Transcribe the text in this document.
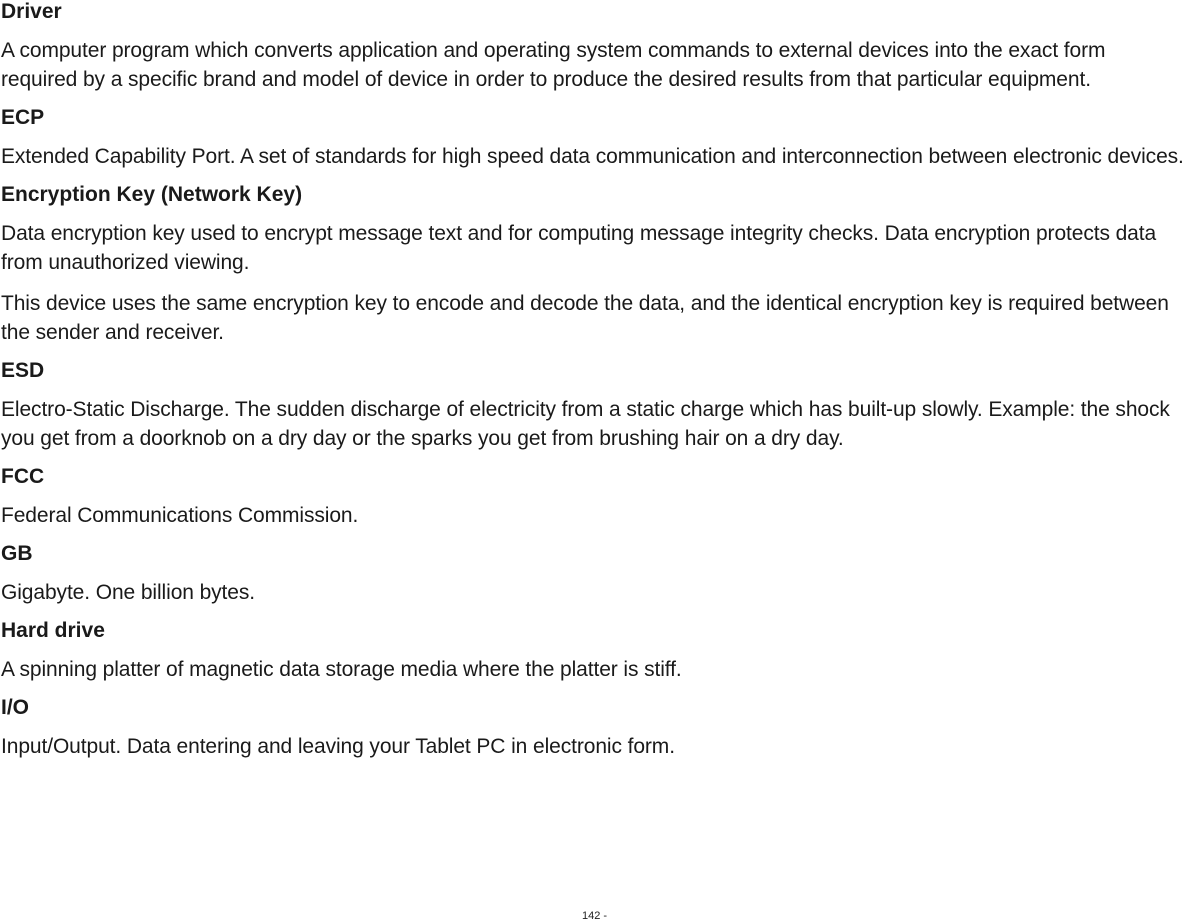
Driver

A computer program which converts application and operating system commands to external devices into the exact form required by a specific brand and model of device in order to produce the desired results from that particular equipment.

ECP

Extended Capability Port. A set of standards for high speed data communication and interconnection between electronic devices.

Encryption Key (Network Key)

Data encryption key used to encrypt message text and for computing message integrity checks. Data encryption protects data from unauthorized viewing.

This device uses the same encryption key to encode and decode the data, and the identical encryption key is required between the sender and receiver.

ESD

Electro-Static Discharge. The sudden discharge of electricity from a static charge which has built-up slowly. Example: the shock you get from a doorknob on a dry day or the sparks you get from brushing hair on a dry day.

FCC

Federal Communications Commission.

GB

Gigabyte. One billion bytes.

Hard drive

A spinning platter of magnetic data storage media where the platter is stiff.

I/O

Input/Output. Data entering and leaving your Tablet PC in electronic form.

142 -
